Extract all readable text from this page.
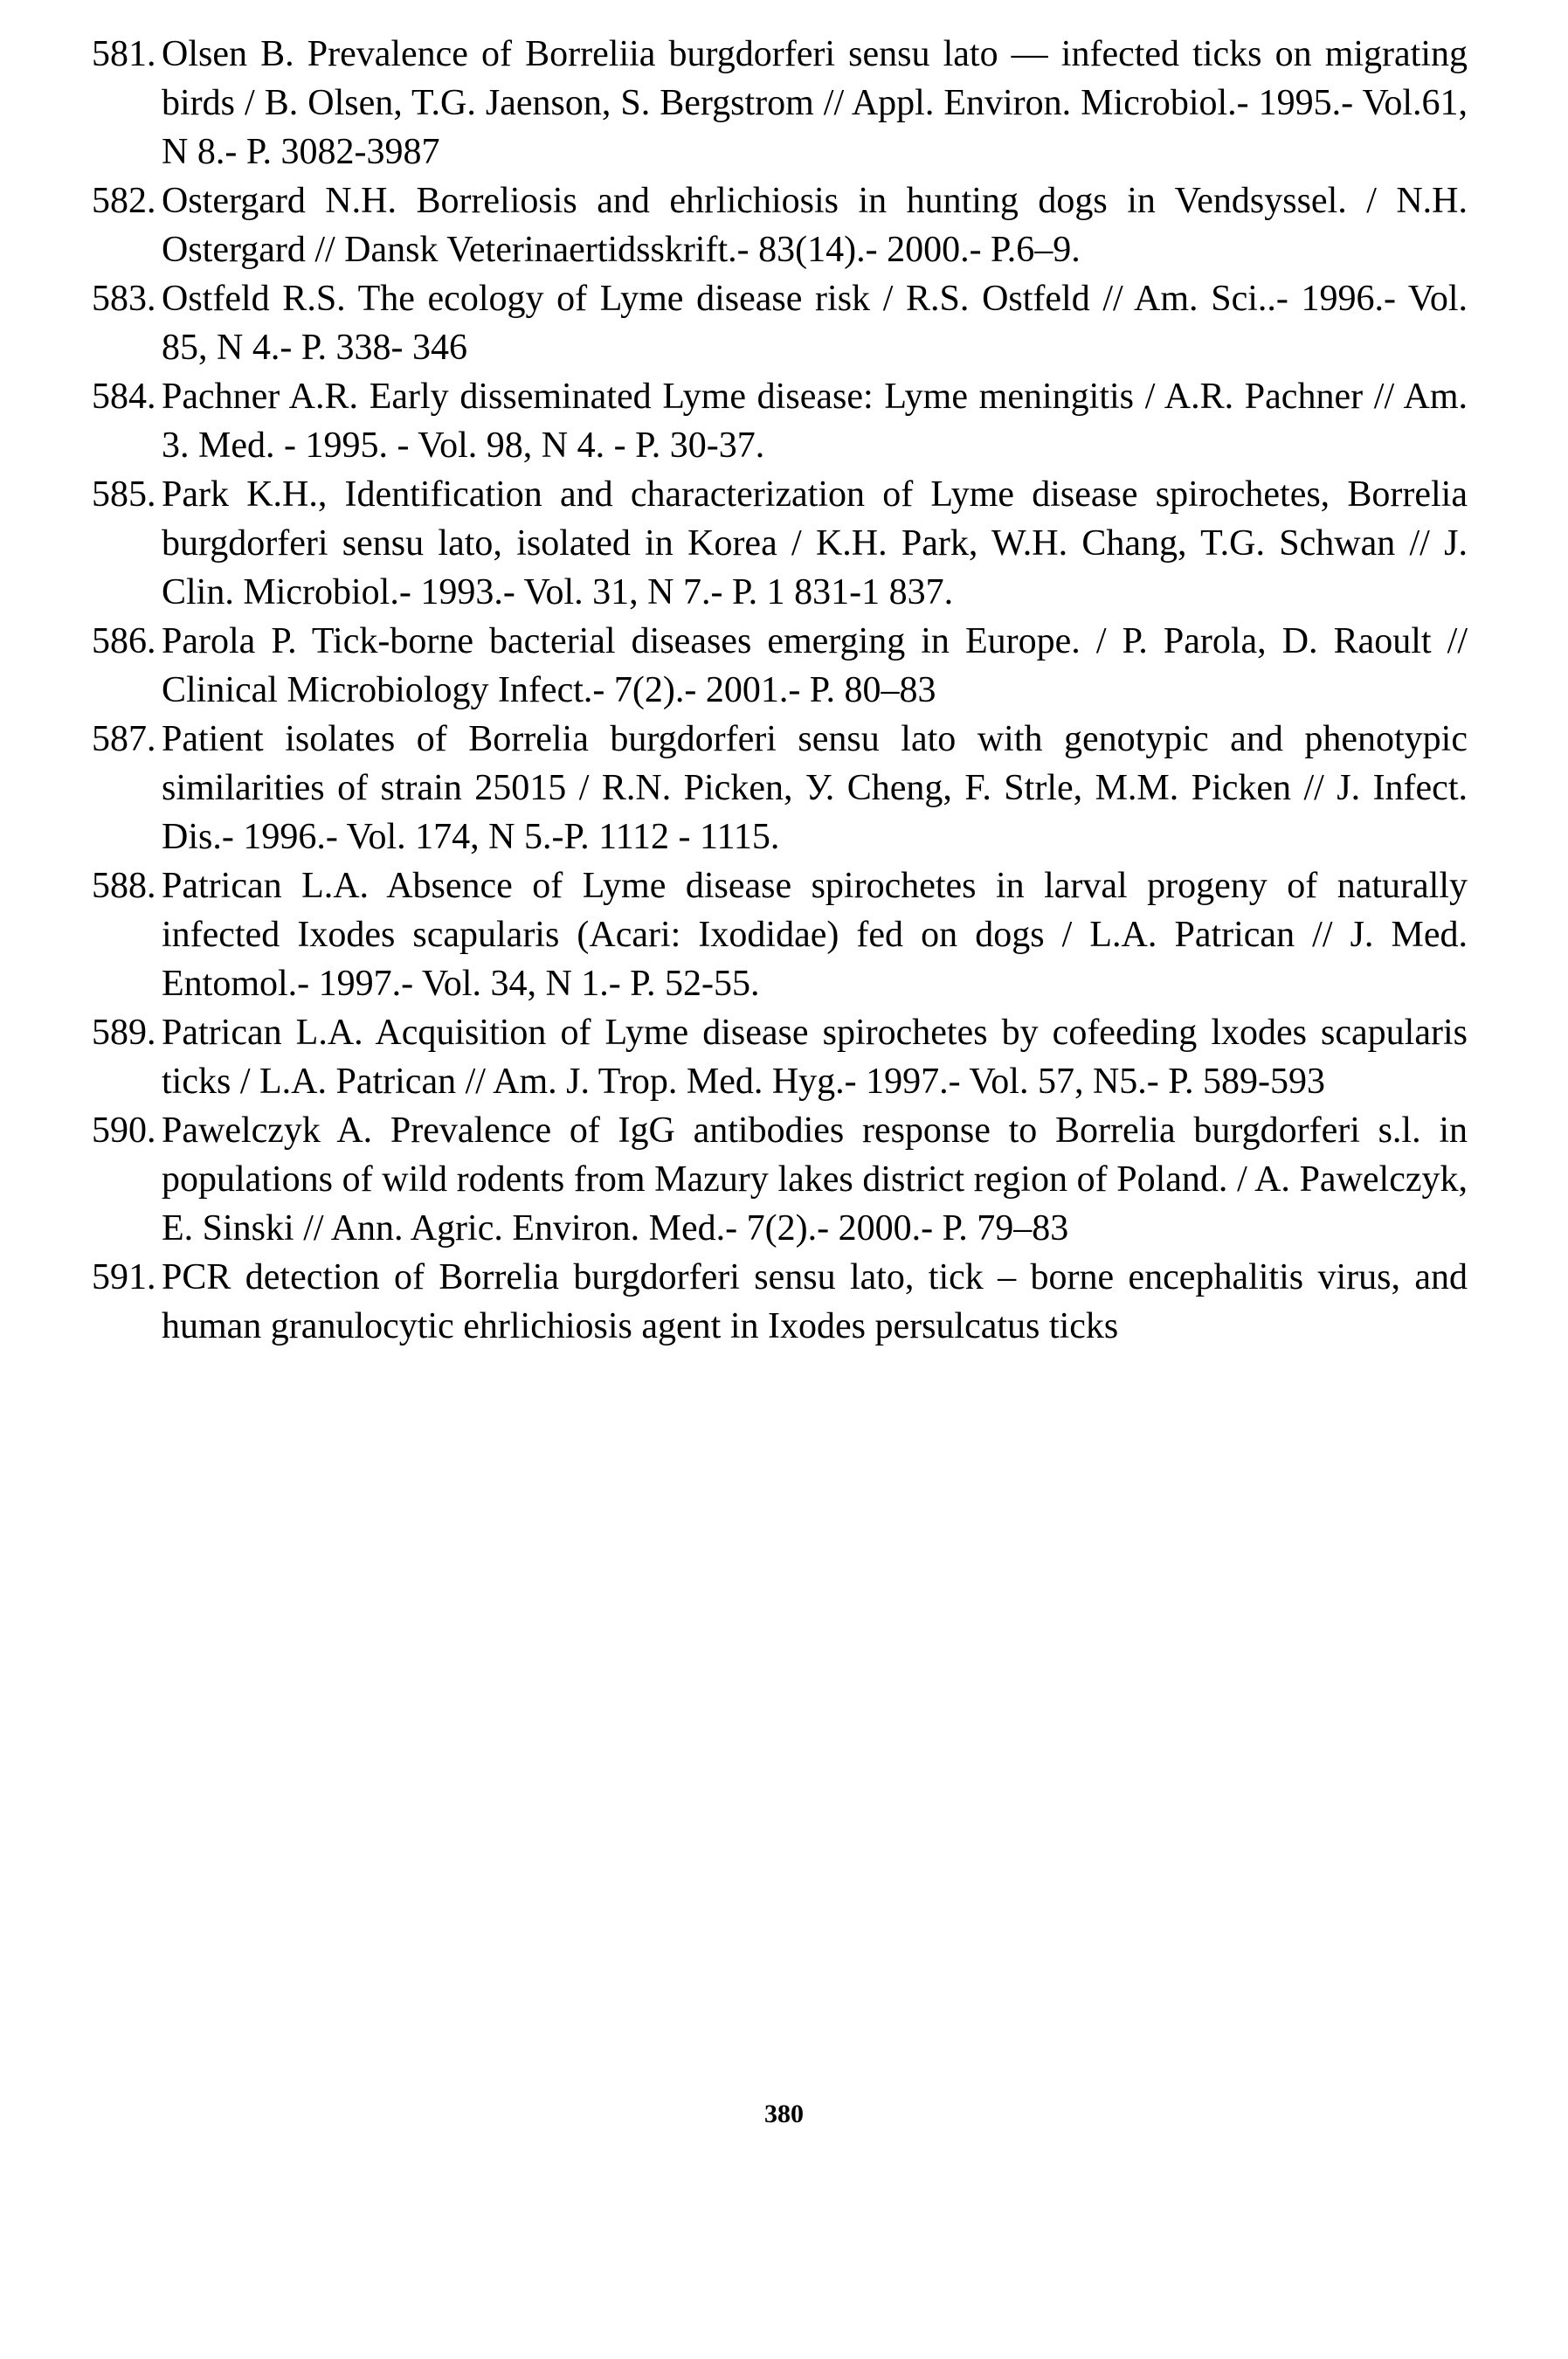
581. Olsen B. Prevalence of Borreliia burgdorferi sensu lato — infected ticks on migrating birds / B. Olsen, T.G. Jaenson, S. Bergstrom // Appl. Environ. Microbiol.- 1995.- Vol.61, N 8.- P. 3082-3987
582. Ostergard N.H. Borreliosis and ehrlichiosis in hunting dogs in Vendsyssel. / N.H. Ostergard // Dansk Veterinaertidsskrift.- 83(14).- 2000.- P.6–9.
583. Ostfeld R.S. The ecology of Lyme disease risk / R.S. Ostfeld // Am. Sci..- 1996.- Vol. 85, N 4.- P. 338- 346
584. Pachner A.R. Early disseminated Lyme disease: Lyme meningitis / A.R. Pachner // Am. 3. Med. - 1995. - Vol. 98, N 4. - P. 30-37.
585. Park K.H., Identification and characterization of Lyme disease spirochetes, Borrelia burgdorferi sensu lato, isolated in Korea / K.H. Park, W.H. Chang, T.G. Schwan // J. Clin. Microbiol.- 1993.- Vol. 31, N 7.- P. 1 831-1 837.
586. Parola P. Tick-borne bacterial diseases emerging in Europe. / P. Parola, D. Raoult // Clinical Microbiology Infect.- 7(2).- 2001.- P. 80–83
587. Patient isolates of Borrelia burgdorferi sensu lato with genotypic and phenotypic similarities of strain 25015 / R.N. Picken, У. Cheng, F. Strle, M.M. Picken // J. Infect. Dis.- 1996.- Vol. 174, N 5.-P. 1112 - 1115.
588. Patrican L.A. Absence of Lyme disease spirochetes in larval progeny of naturally infected Ixodes scapularis (Acari: Ixodidae) fed on dogs / L.A. Patrican // J. Med. Entomol.- 1997.- Vol. 34, N 1.- P. 52-55.
589. Patrican L.A. Acquisition of Lyme disease spirochetes by cofeeding lxodes scapularis ticks / L.A. Patrican // Am. J. Trop. Med. Hyg.- 1997.- Vol. 57, N5.- P. 589-593
590. Pawelczyk A. Prevalence of IgG antibodies response to Borrelia burgdorferi s.l. in populations of wild rodents from Mazury lakes district region of Poland. / A. Pawelczyk, E. Sinski // Ann. Agric. Environ. Med.- 7(2).- 2000.- P. 79–83
591. PCR detection of Borrelia burgdorferi sensu lato, tick – borne encephalitis virus, and human granulocytic ehrlichiosis agent in Ixodes persulcatus ticks
380
